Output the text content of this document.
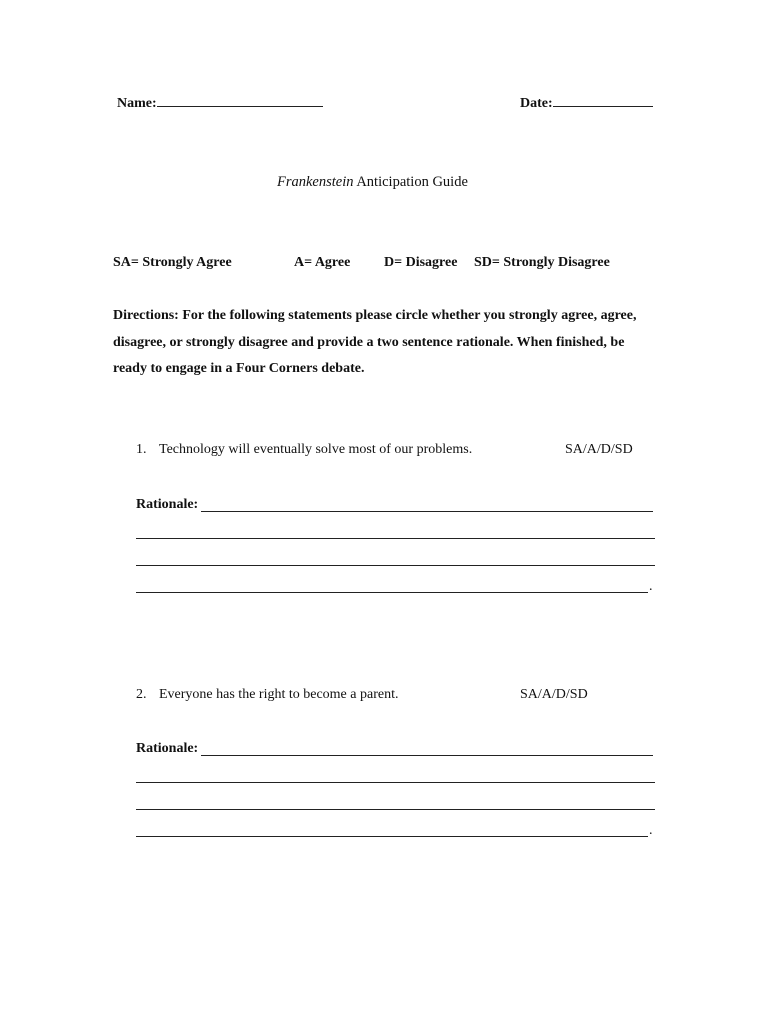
Name:	Date:
Frankenstein Anticipation Guide
SA= Strongly Agree	A= Agree D= Disagree SD= Strongly Disagree
Directions: For the following statements please circle whether you strongly agree, agree, disagree, or strongly disagree and provide a two sentence rationale. When finished, be ready to engage in a Four Corners debate.
1. Technology will eventually solve most of our problems.	SA/A/D/SD
Rationale:
.
2. Everyone has the right to become a parent.	SA/A/D/SD
Rationale:
.
